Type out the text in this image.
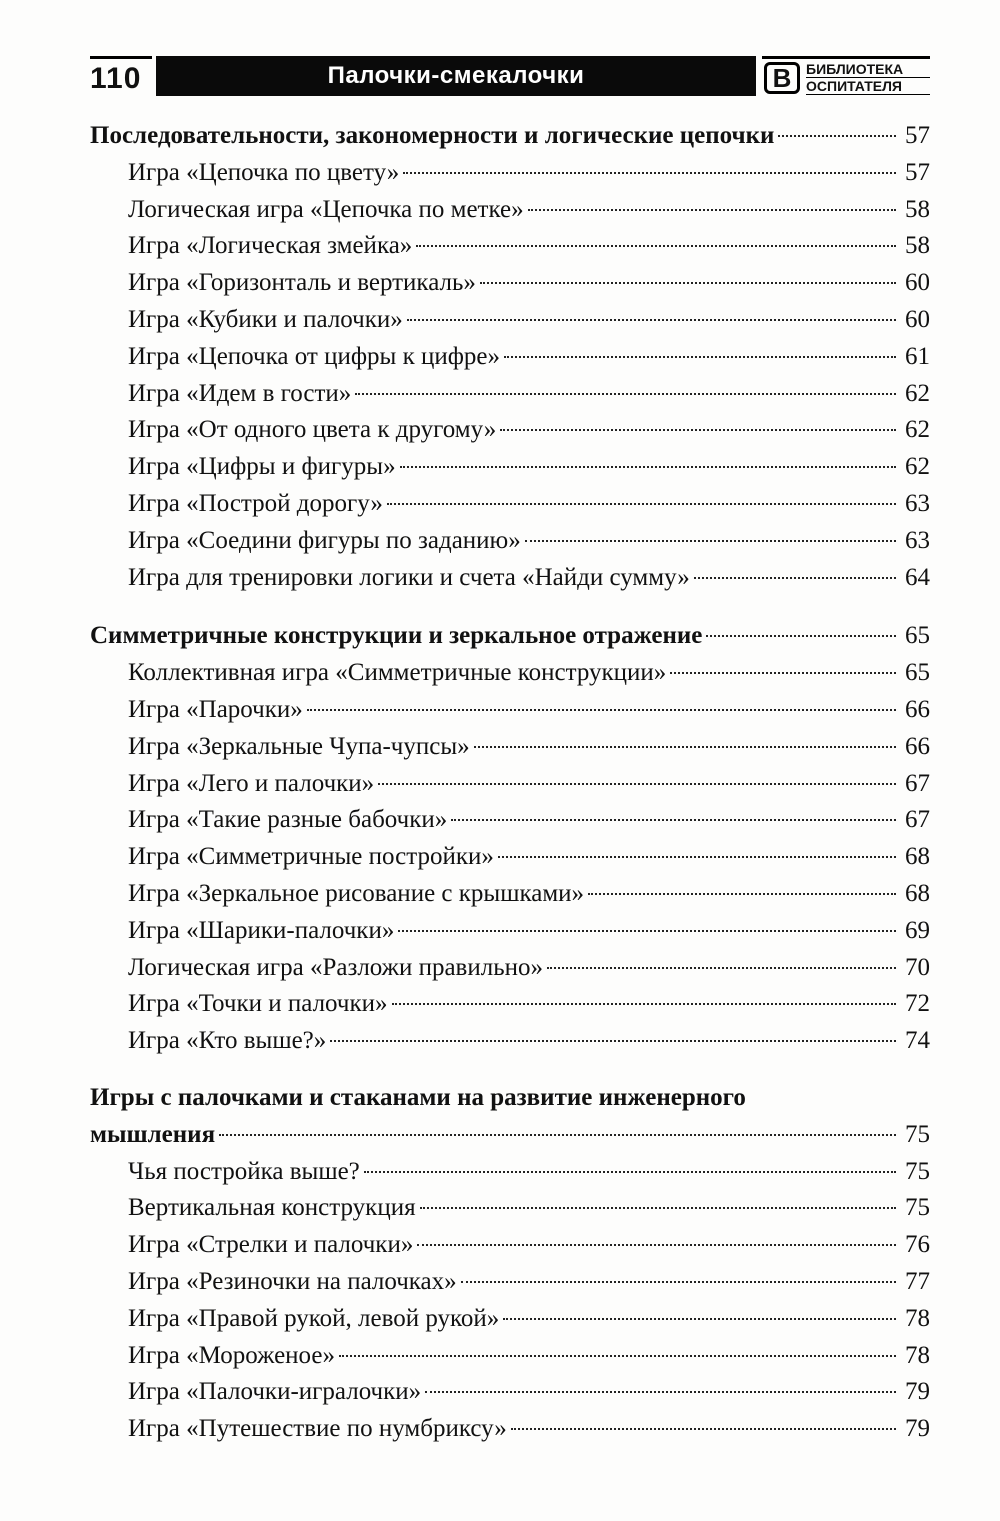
110	Палочки-смекалочки	В	БИБЛИОТЕКА
ОСПИТАТЕЛЯ
Последовательности, закономерности и логические цепочки	57
Игра «Цепочка по цвету»	57
Логическая игра «Цепочка по метке»	58
Игра «Логическая змейка»	58
Игра «Горизонталь и вертикаль»	60
Игра «Кубики и палочки»	60
Игра «Цепочка от цифры к цифре»	61
Игра «Идем в гости»	62
Игра «От одного цвета к другому»	62
Игра «Цифры и фигуры»	62
Игра «Построй дорогу»	63
Игра «Соедини фигуры по заданию»	63
Игра для тренировки логики и счета «Найди сумму»	64
Симметричные конструкции и зеркальное отражение	65
Коллективная игра «Симметричные конструкции»	65
Игра «Парочки»	66
Игра «Зеркальные Чупа-чупсы»	66
Игра «Лего и палочки»	67
Игра «Такие разные бабочки»	67
Игра «Симметричные постройки»	68
Игра «Зеркальное рисование с крышками»	68
Игра «Шарики-палочки»	69
Логическая игра «Разложи правильно»	70
Игра «Точки и палочки»	72
Игра «Кто выше?»	74
Игры с палочками и стаканами на развитие инженерного
мышления	75
Чья постройка выше?	75
Вертикальная конструкция	75
Игра «Стрелки и палочки»	76
Игра «Резиночки на палочках»	77
Игра «Правой рукой, левой рукой»	78
Игра «Мороженое»	78
Игра «Палочки-игралочки»	79
Игра «Путешествие по нумбриксу»	79
